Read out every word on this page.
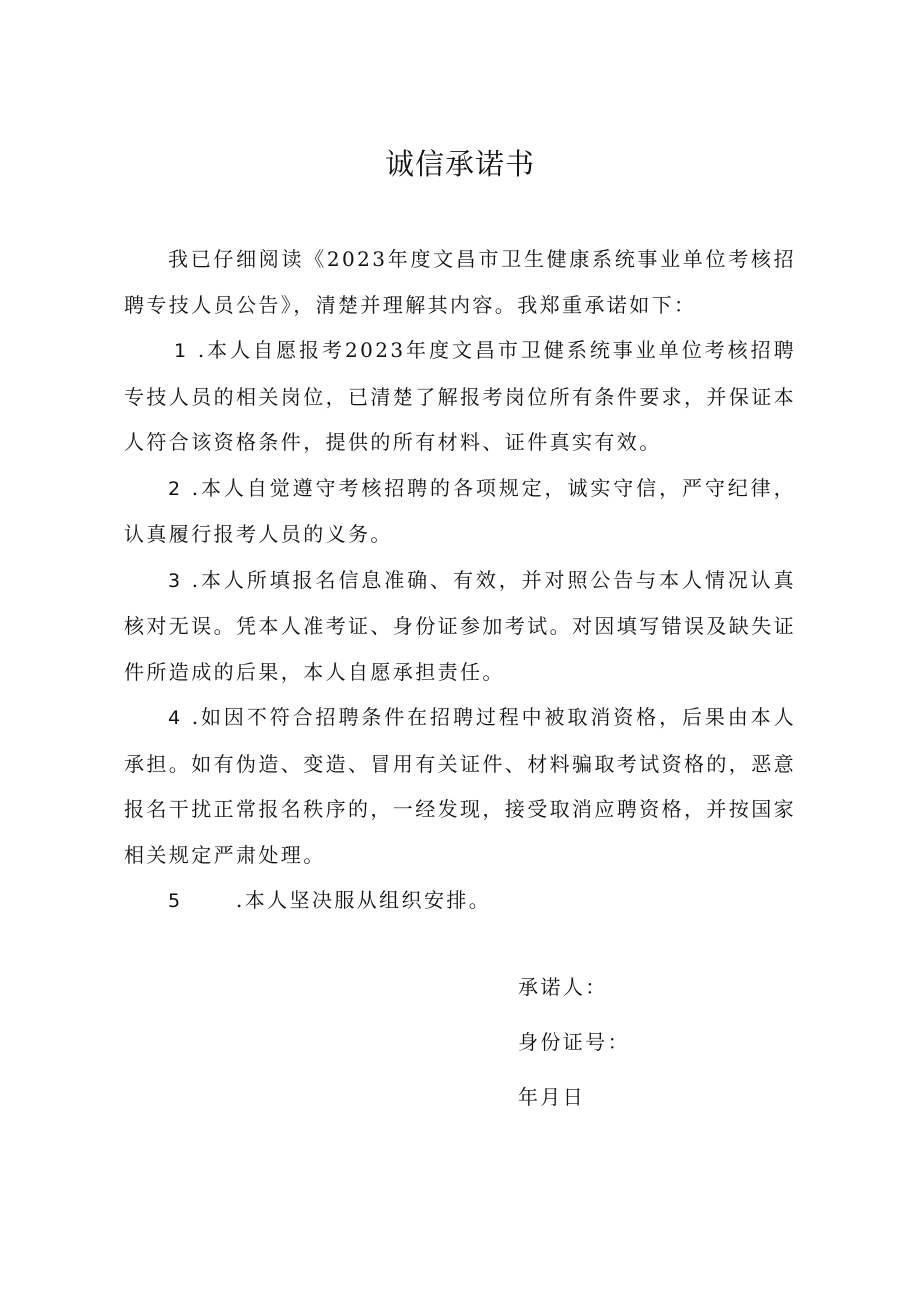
诚信承诺书

我已仔细阅读《2023年度文昌市卫生健康系统事业单位考核招聘专技人员公告》，清楚并理解其内容。我郑重承诺如下：

1 .本人自愿报考2023年度文昌市卫健系统事业单位考核招聘专技人员的相关岗位，已清楚了解报考岗位所有条件要求，并保证本人符合该资格条件，提供的所有材料、证件真实有效。

2 .本人自觉遵守考核招聘的各项规定，诚实守信，严守纪律，认真履行报考人员的义务。

3 .本人所填报名信息准确、有效，并对照公告与本人情况认真核对无误。凭本人准考证、身份证参加考试。对因填写错误及缺失证件所造成的后果，本人自愿承担责任。

4 .如因不符合招聘条件在招聘过程中被取消资格，后果由本人承担。如有伪造、变造、冒用有关证件、材料骗取考试资格的，恶意报名干扰正常报名秩序的，一经发现，接受取消应聘资格，并按国家相关规定严肃处理。

5	.本人坚决服从组织安排。

承诺人：
身份证号：
年月日
